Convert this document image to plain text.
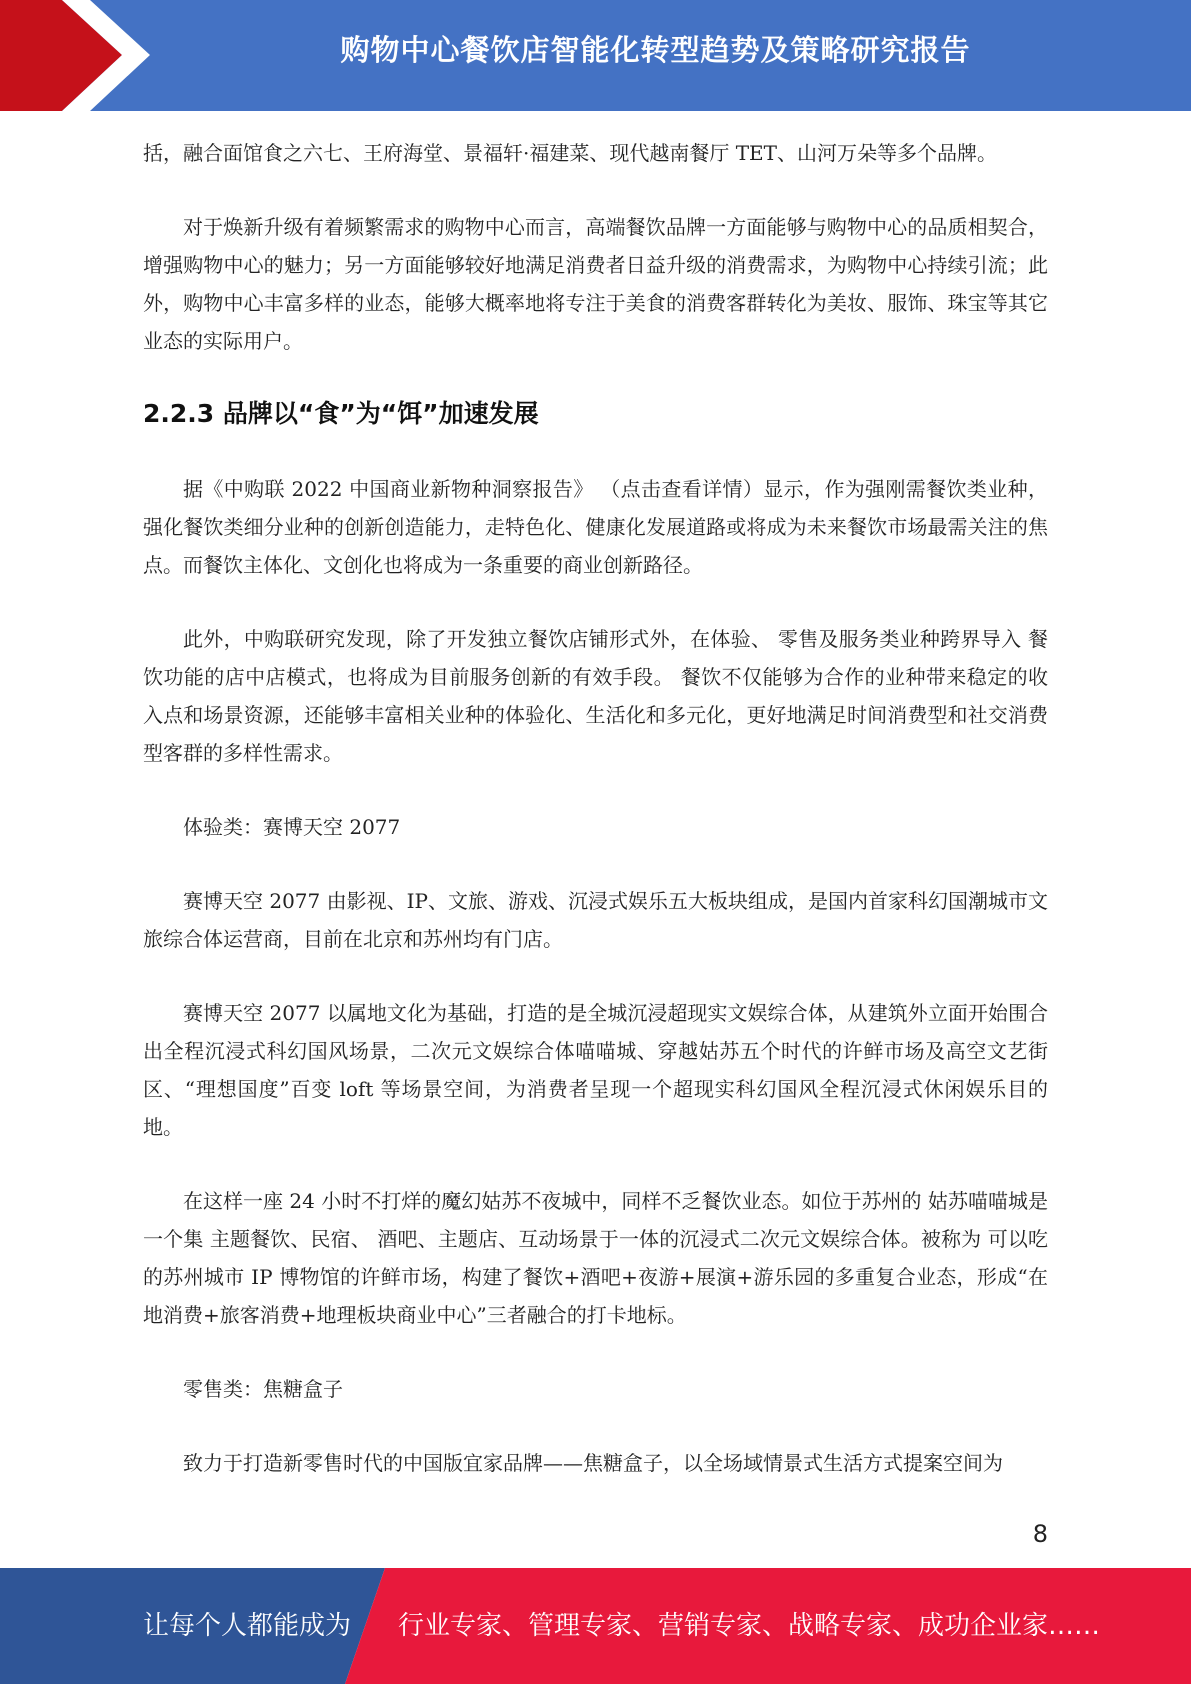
购物中心餐饮店智能化转型趋势及策略研究报告

括，融合面馆食之六七、王府海堂、景福轩·福建菜、现代越南餐厅 TET、山河万朵等多个品牌。

对于焕新升级有着频繁需求的购物中心而言，高端餐饮品牌一方面能够与购物中心的品质相契合，增强购物中心的魅力；另一方面能够较好地满足消费者日益升级的消费需求，为购物中心持续引流；此外，购物中心丰富多样的业态，能够大概率地将专注于美食的消费客群转化为美妆、服饰、珠宝等其它业态的实际用户。

2.2.3 品牌以“食”为“饵”加速发展

据《中购联 2022 中国商业新物种洞察报告》 （点击查看详情）显示，作为强刚需餐饮类业种，强化餐饮类细分业种的创新创造能力，走特色化、健康化发展道路或将成为未来餐饮市场最需关注的焦点。而餐饮主体化、文创化也将成为一条重要的商业创新路径。

此外，中购联研究发现，除了开发独立餐饮店铺形式外，在体验、 零售及服务类业种跨界导入 餐饮功能的店中店模式，也将成为目前服务创新的有效手段。 餐饮不仅能够为合作的业种带来稳定的收入点和场景资源，还能够丰富相关业种的体验化、生活化和多元化，更好地满足时间消费型和社交消费型客群的多样性需求。

体验类：赛博天空 2077

赛博天空 2077 由影视、IP、文旅、游戏、沉浸式娱乐五大板块组成，是国内首家科幻国潮城市文旅综合体运营商，目前在北京和苏州均有门店。

赛博天空 2077 以属地文化为基础，打造的是全城沉浸超现实文娱综合体，从建筑外立面开始围合出全程沉浸式科幻国风场景，二次元文娱综合体喵喵城、穿越姑苏五个时代的许鲜市场及高空文艺街区、“理想国度”百变 loft 等场景空间，为消费者呈现一个超现实科幻国风全程沉浸式休闲娱乐目的地。

在这样一座 24 小时不打烊的魔幻姑苏不夜城中，同样不乏餐饮业态。如位于苏州的 姑苏喵喵城是一个集 主题餐饮、民宿、 酒吧、主题店、互动场景于一体的沉浸式二次元文娱综合体。被称为 可以吃的苏州城市 IP 博物馆的许鲜市场，构建了餐饮+酒吧+夜游+展演+游乐园的多重复合业态，形成“在地消费+旅客消费+地理板块商业中心”三者融合的打卡地标。

零售类：焦糖盒子

致力于打造新零售时代的中国版宜家品牌——焦糖盒子，以全场域情景式生活方式提案空间为

8
让每个人都能成为 行业专家、管理专家、营销专家、战略专家、成功企业家……
